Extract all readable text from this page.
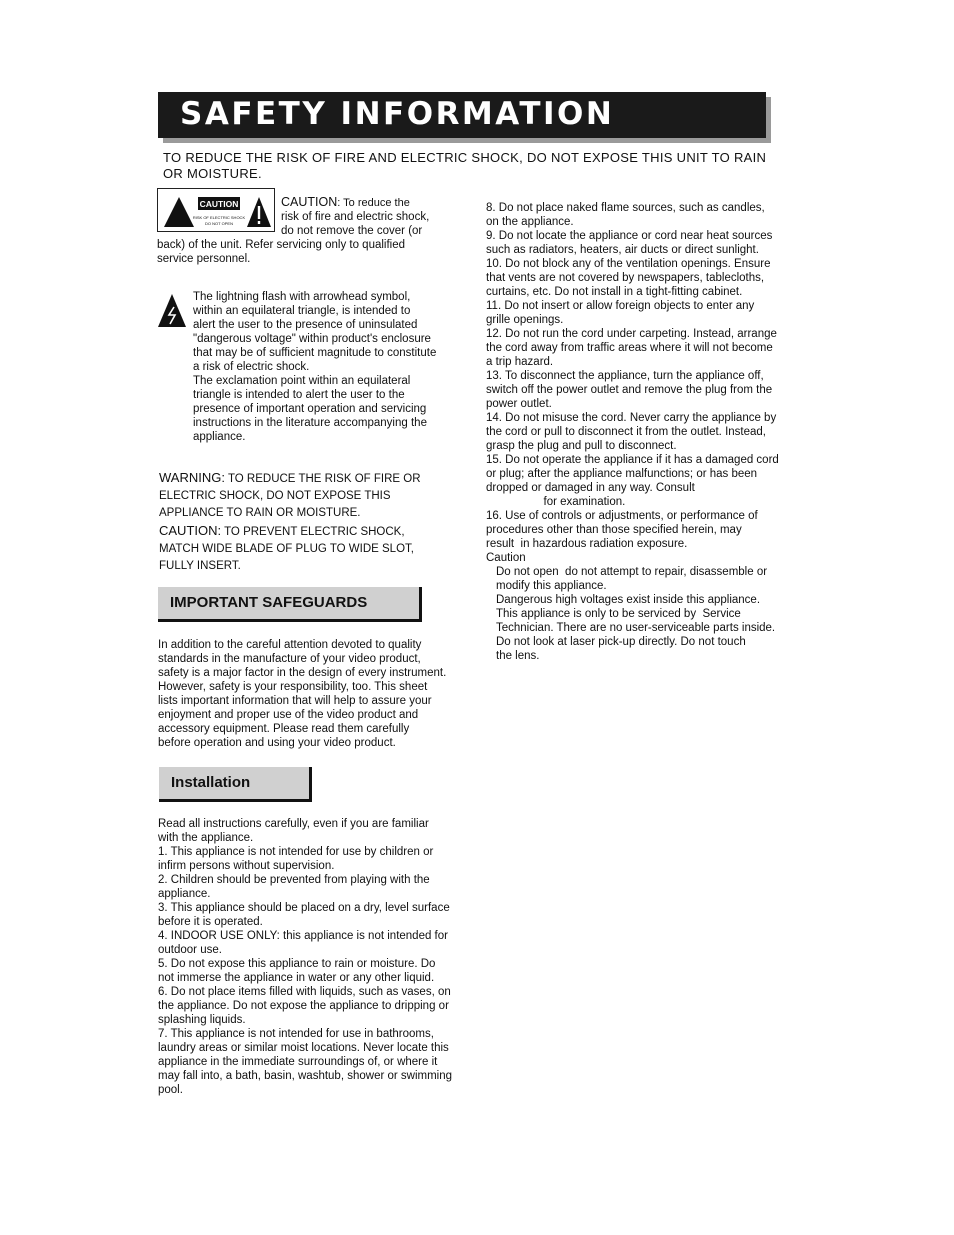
SAFETY INFORMATION
TO REDUCE THE RISK OF FIRE AND ELECTRIC SHOCK, DO NOT EXPOSE THIS UNIT TO RAIN OR MOISTURE.
CAUTION
RISK OF ELECTRIC SHOCK
DO NOT OPEN
CAUTION: To reduce the
risk of fire and electric shock,
do not remove the cover (or
back) of the unit. Refer servicing only to qualified
service personnel.
The lightning flash with arrowhead symbol,
within an equilateral triangle, is intended to
alert the user to the presence of uninsulated
"dangerous voltage" within product's enclosure
that may be of sufficient magnitude to constitute
a risk of electric shock.
The exclamation point within an equilateral
triangle is intended to alert the user to the
presence of important operation and servicing
instructions in the literature accompanying the
appliance.
WARNING: TO REDUCE THE RISK OF FIRE OR
ELECTRIC SHOCK, DO NOT EXPOSE THIS
APPLIANCE TO RAIN OR MOISTURE.
CAUTION: TO PREVENT ELECTRIC SHOCK,
MATCH WIDE BLADE OF PLUG TO WIDE SLOT,
FULLY INSERT.
IMPORTANT SAFEGUARDS
In addition to the careful attention devoted to quality
standards in the manufacture of your video product,
safety is a major factor in the design of every instrument.
However, safety is your responsibility, too. This sheet
lists important information that will help to assure your
enjoyment and proper use of the video product and
accessory equipment. Please read them carefully
before operation and using your video product.
Installation
Read all instructions carefully, even if you are familiar
with the appliance.
1. This appliance is not intended for use by children or
infirm persons without supervision.
2. Children should be prevented from playing with the
appliance.
3. This appliance should be placed on a dry, level surface
before it is operated.
4. INDOOR USE ONLY: this appliance is not intended for
outdoor use.
5. Do not expose this appliance to rain or moisture. Do
not immerse the appliance in water or any other liquid.
6. Do not place items filled with liquids, such as vases, on
the appliance. Do not expose the appliance to dripping or
splashing liquids.
7. This appliance is not intended for use in bathrooms,
laundry areas or similar moist locations. Never locate this
appliance in the immediate surroundings of, or where it
may fall into, a bath, basin, washtub, shower or swimming
pool.
8. Do not place naked flame sources, such as candles,
on the appliance.
9. Do not locate the appliance or cord near heat sources
such as radiators, heaters, air ducts or direct sunlight.
10. Do not block any of the ventilation openings. Ensure
that vents are not covered by newspapers, tablecloths,
curtains, etc. Do not install in a tight-fitting cabinet.
11. Do not insert or allow foreign objects to enter any
grille openings.
12. Do not run the cord under carpeting. Instead, arrange
the cord away from traffic areas where it will not become
a trip hazard.
13. To disconnect the appliance, turn the appliance off,
switch off the power outlet and remove the plug from the
power outlet.
14. Do not misuse the cord. Never carry the appliance by
the cord or pull to disconnect it from the outlet. Instead,
grasp the plug and pull to disconnect.
15. Do not operate the appliance if it has a damaged cord
or plug; after the appliance malfunctions; or has been
dropped or damaged in any way. Consult
for examination.
16. Use of controls or adjustments, or performance of
procedures other than those specified herein, may
result  in hazardous radiation exposure.
Caution
Do not open  do not attempt to repair, disassemble or
modify this appliance.
Dangerous high voltages exist inside this appliance.
This appliance is only to be serviced by  Service
Technician. There are no user-serviceable parts inside.
Do not look at laser pick-up directly. Do not touch
the lens.
